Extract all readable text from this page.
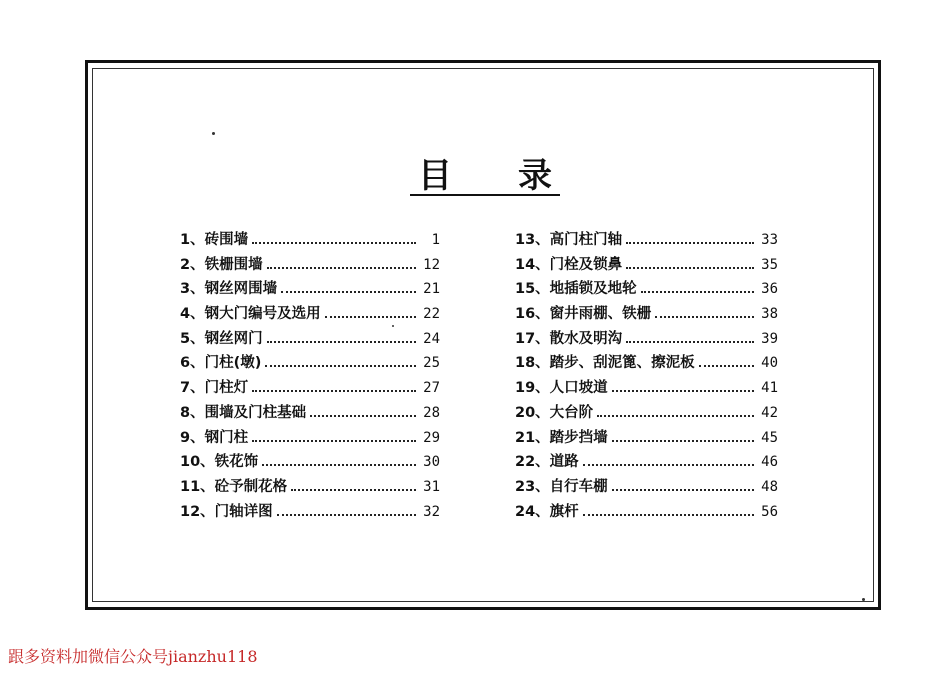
目 录
1、砖围墙	1
2、铁栅围墙	12
3、钢丝网围墙	21
4、钢大门编号及选用	22
5、钢丝网门	24
6、门柱(墩)	25
7、门柱灯	27
8、围墙及门柱基础	28
9、钢门柱	29
10、铁花饰	30
11、砼予制花格	31
12、门轴详图	32
13、高门柱门轴	33
14、门栓及锁鼻	35
15、地插锁及地轮	36
16、窗井雨棚、铁栅	38
17、散水及明沟	39
18、踏步、刮泥篦、擦泥板	40
19、人口坡道	41
20、大台阶	42
21、踏步挡墙	45
22、道路	46
23、自行车棚	48
24、旗杆	56
跟多资料加微信公众号jianzhu118
